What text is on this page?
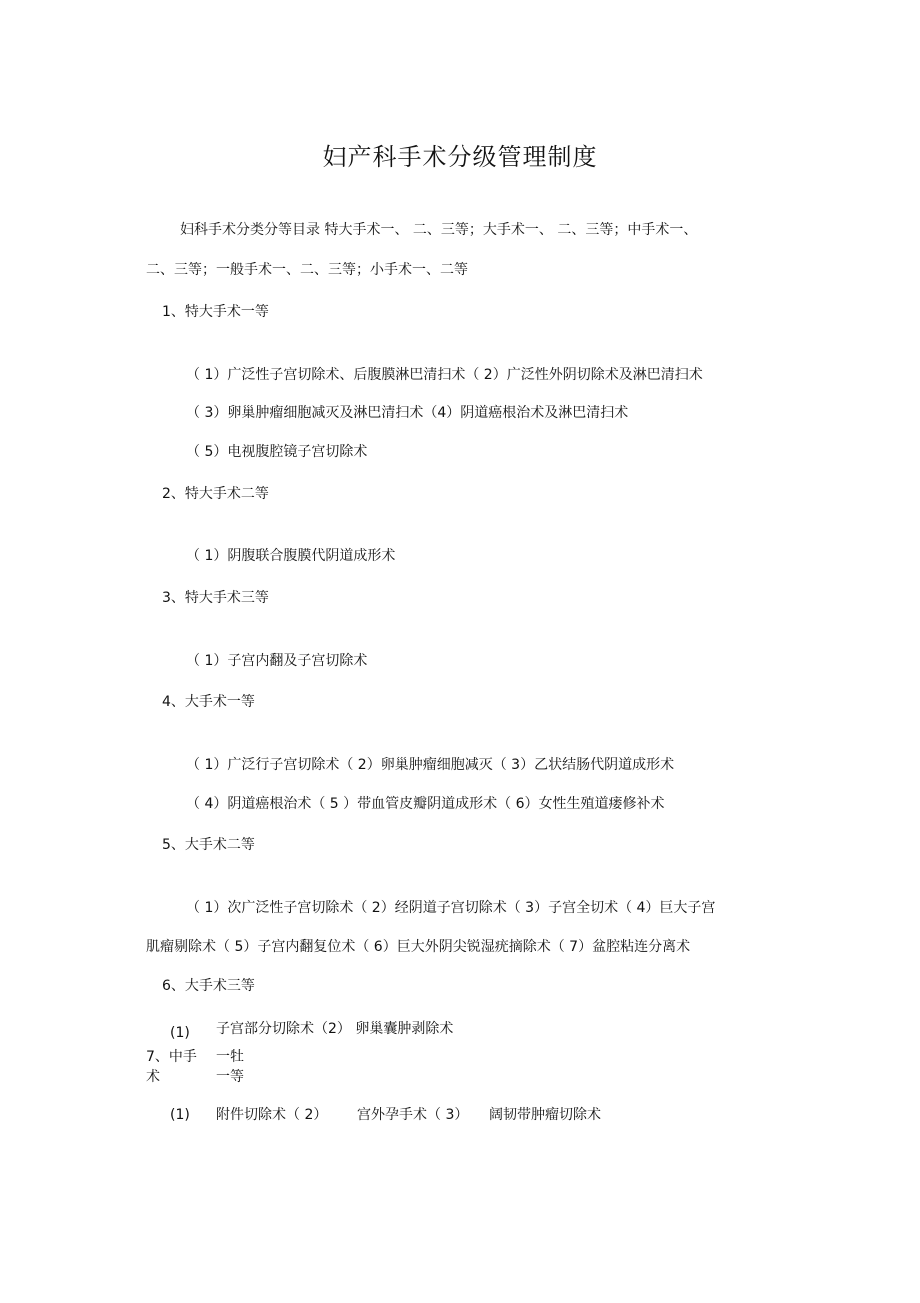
妇产科手术分级管理制度
妇科手术分类分等目录 特大手术一、 二、三等；大手术一、 二、三等；中手术一、
二、三等；一般手术一、二、三等；小手术一、二等
1、特大手术一等
（ 1）广泛性子宫切除术、后腹膜淋巴清扫术（ 2）广泛性外阴切除术及淋巴清扫术
（ 3）卵巢肿瘤细胞减灭及淋巴清扫术（4）阴道癌根治术及淋巴清扫术
（ 5）电视腹腔镜子宫切除术
2、特大手术二等
（ 1）阴腹联合腹膜代阴道成形术
3、特大手术三等
（ 1）子宫内翻及子宫切除术
4、大手术一等
（ 1）广泛行子宫切除术（ 2）卵巢肿瘤细胞减灭（ 3）乙状结肠代阴道成形术
（ 4）阴道癌根治术（ 5 ）带血管皮瓣阴道成形术（ 6）女性生殖道瘘修补术
5、大手术二等
（ 1）次广泛性子宫切除术（ 2）经阴道子宫切除术（ 3）子宫全切术（ 4）巨大子宫
肌瘤剔除术（ 5）子宫内翻复位术（ 6）巨大外阴尖锐湿疣摘除术（ 7）盆腔粘连分离术
6、大手术三等
(1) 子宫部分切除术（2） 卵巢囊肿剥除术
7、中手
术
一牡
一等
(1) 附件切除术（ 2） 宫外孕手术（ 3） 阔韧带肿瘤切除术
